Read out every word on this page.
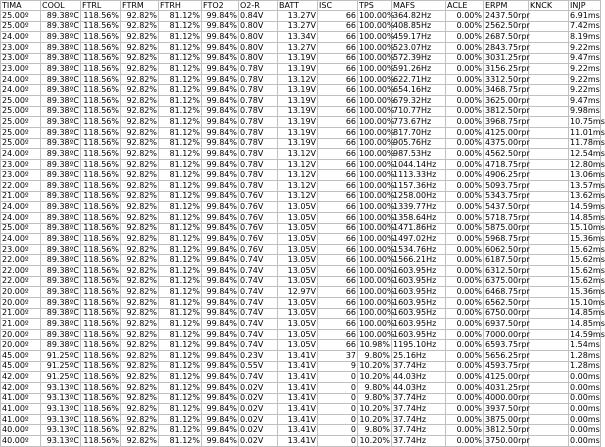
TIMA	COOL	FTRL	FTRM	FTRH	FTO2	O2-R	BATT	ISC	TPS	MAFS	ACLE	ERPM	KNCK	INJP
25.00º	89.38ºC	118.56%	92.82%	81.12%	99.84%	0.84V	13.27V	66	100.00%	364.82Hz	0.00%	2437.50rpr		6.91ms
25.00º	89.38ºC	118.56%	92.82%	81.12%	99.84%	0.80V	13.27V	66	100.00%	408.85Hz	0.00%	2562.50rpr		7.42ms
24.00º	89.38ºC	118.56%	92.82%	81.12%	99.84%	0.80V	13.34V	66	100.00%	459.17Hz	0.00%	2687.50rpr		8.19ms
23.00º	89.38ºC	118.56%	92.82%	81.12%	99.84%	0.80V	13.27V	66	100.00%	523.07Hz	0.00%	2843.75rpr		9.22ms
23.00º	89.38ºC	118.56%	92.82%	81.12%	99.84%	0.80V	13.19V	66	100.00%	572.39Hz	0.00%	3031.25rpr		9.47ms
23.00º	89.38ºC	118.56%	92.82%	81.12%	99.84%	0.78V	13.19V	66	100.00%	591.26Hz	0.00%	3156.25rpr		9.22ms
24.00º	89.38ºC	118.56%	92.82%	81.12%	99.84%	0.78V	13.12V	66	100.00%	622.71Hz	0.00%	3312.50rpr		9.22ms
24.00º	89.38ºC	118.56%	92.82%	81.12%	99.84%	0.78V	13.19V	66	100.00%	654.16Hz	0.00%	3468.75rpr		9.22ms
25.00º	89.38ºC	118.56%	92.82%	81.12%	99.84%	0.78V	13.19V	66	100.00%	679.32Hz	0.00%	3625.00rpr		9.47ms
25.00º	89.38ºC	118.56%	92.82%	81.12%	99.84%	0.78V	13.19V	66	100.00%	710.77Hz	0.00%	3812.50rpr		9.98ms
25.00º	89.38ºC	118.56%	92.82%	81.12%	99.84%	0.78V	13.19V	66	100.00%	773.67Hz	0.00%	3968.75rpr		10.75ms
25.00º	89.38ºC	118.56%	92.82%	81.12%	99.84%	0.78V	13.19V	66	100.00%	817.70Hz	0.00%	4125.00rpr		11.01ms
25.00º	89.38ºC	118.56%	92.82%	81.12%	99.84%	0.78V	13.19V	66	100.00%	905.76Hz	0.00%	4375.00rpr		11.78ms
24.00º	89.38ºC	118.56%	92.82%	81.12%	99.84%	0.78V	13.12V	66	100.00%	987.53Hz	0.00%	4562.50rpr		12.54ms
23.00º	89.38ºC	118.56%	92.82%	81.12%	99.84%	0.78V	13.12V	66	100.00%	1044.14Hz	0.00%	4718.75rpr		12.80ms
23.00º	89.38ºC	118.56%	92.82%	81.12%	99.84%	0.78V	13.12V	66	100.00%	1113.33Hz	0.00%	4906.25rpr		13.06ms
22.00º	89.38ºC	118.56%	92.82%	81.12%	99.84%	0.78V	13.12V	66	100.00%	1157.36Hz	0.00%	5093.75rpr		13.57ms
21.00º	89.38ºC	118.56%	92.82%	81.12%	99.84%	0.76V	13.12V	66	100.00%	1258.00Hz	0.00%	5343.75rpr		13.62ms
24.00º	89.38ºC	118.56%	92.82%	81.12%	99.84%	0.76V	13.05V	66	100.00%	1339.77Hz	0.00%	5437.50rpr		14.59ms
24.00º	89.38ºC	118.56%	92.82%	81.12%	99.84%	0.76V	13.05V	66	100.00%	1358.64Hz	0.00%	5718.75rpr		14.85ms
25.00º	89.38ºC	118.56%	92.82%	81.12%	99.84%	0.76V	13.05V	66	100.00%	1471.86Hz	0.00%	5875.00rpr		15.10ms
24.00º	89.38ºC	118.56%	92.82%	81.12%	99.84%	0.76V	13.05V	66	100.00%	1497.02Hz	0.00%	5968.75rpr		15.36ms
23.00º	89.38ºC	118.56%	92.82%	81.12%	99.84%	0.76V	13.05V	66	100.00%	1534.76Hz	0.00%	6062.50rpr		15.62ms
22.00º	89.38ºC	118.56%	92.82%	81.12%	99.84%	0.74V	13.05V	66	100.00%	1566.21Hz	0.00%	6187.50rpr		15.62ms
22.00º	89.38ºC	118.56%	92.82%	81.12%	99.84%	0.74V	13.05V	66	100.00%	1603.95Hz	0.00%	6312.50rpr		15.62ms
22.00º	89.38ºC	118.56%	92.82%	81.12%	99.84%	0.74V	13.05V	66	100.00%	1603.95Hz	0.00%	6375.00rpr		15.62ms
20.00º	89.38ºC	118.56%	92.82%	81.12%	99.84%	0.74V	12.97V	66	100.00%	1603.95Hz	0.00%	6468.75rpr		15.36ms
20.00º	89.38ºC	118.56%	92.82%	81.12%	99.84%	0.74V	13.05V	66	100.00%	1603.95Hz	0.00%	6562.50rpr		15.10ms
21.00º	89.38ºC	118.56%	92.82%	81.12%	99.84%	0.74V	13.05V	66	100.00%	1603.95Hz	0.00%	6750.00rpr		14.85ms
21.00º	89.38ºC	118.56%	92.82%	81.12%	99.84%	0.74V	13.05V	66	100.00%	1603.95Hz	0.00%	6937.50rpr		14.85ms
20.00º	89.38ºC	118.56%	92.82%	81.12%	99.84%	0.74V	13.05V	66	100.00%	1603.95Hz	0.00%	7000.00rpr		14.59ms
20.00º	89.38ºC	118.56%	92.82%	81.12%	99.84%	0.74V	13.05V	66	10.98%	1195.10Hz	0.00%	6593.75rpr		1.54ms
45.00º	91.25ºC	118.56%	92.82%	81.12%	99.84%	0.23V	13.41V	37	9.80%	25.16Hz	0.00%	5656.25rpr		1.28ms
45.00º	91.25ºC	118.56%	92.82%	81.12%	99.84%	0.55V	13.41V	9	10.20%	37.74Hz	0.00%	4593.75rpr		1.28ms
42.00º	91.25ºC	118.56%	92.82%	81.12%	99.84%	0.74V	13.41V	0	10.20%	44.03Hz	0.00%	4125.00rpr		0.00ms
42.00º	93.13ºC	118.56%	92.82%	81.12%	99.84%	0.02V	13.41V	0	9.80%	44.03Hz	0.00%	4031.25rpr		0.00ms
41.00º	93.13ºC	118.56%	92.82%	81.12%	99.84%	0.02V	13.41V	0	9.80%	37.74Hz	0.00%	4000.00rpr		0.00ms
41.00º	93.13ºC	118.56%	92.82%	81.12%	99.84%	0.02V	13.41V	0	10.20%	37.74Hz	0.00%	3937.50rpr		0.00ms
41.00º	93.13ºC	118.56%	92.82%	81.12%	99.84%	0.02V	13.41V	0	10.20%	37.74Hz	0.00%	3875.00rpr		0.00ms
40.00º	93.13ºC	118.56%	92.82%	81.12%	99.84%	0.02V	13.41V	0	9.80%	37.74Hz	0.00%	3812.50rpr		0.00ms
40.00º	93.13ºC	118.56%	92.82%	81.12%	99.84%	0.02V	13.41V	0	10.20%	37.74Hz	0.00%	3750.00rpr		0.00ms
